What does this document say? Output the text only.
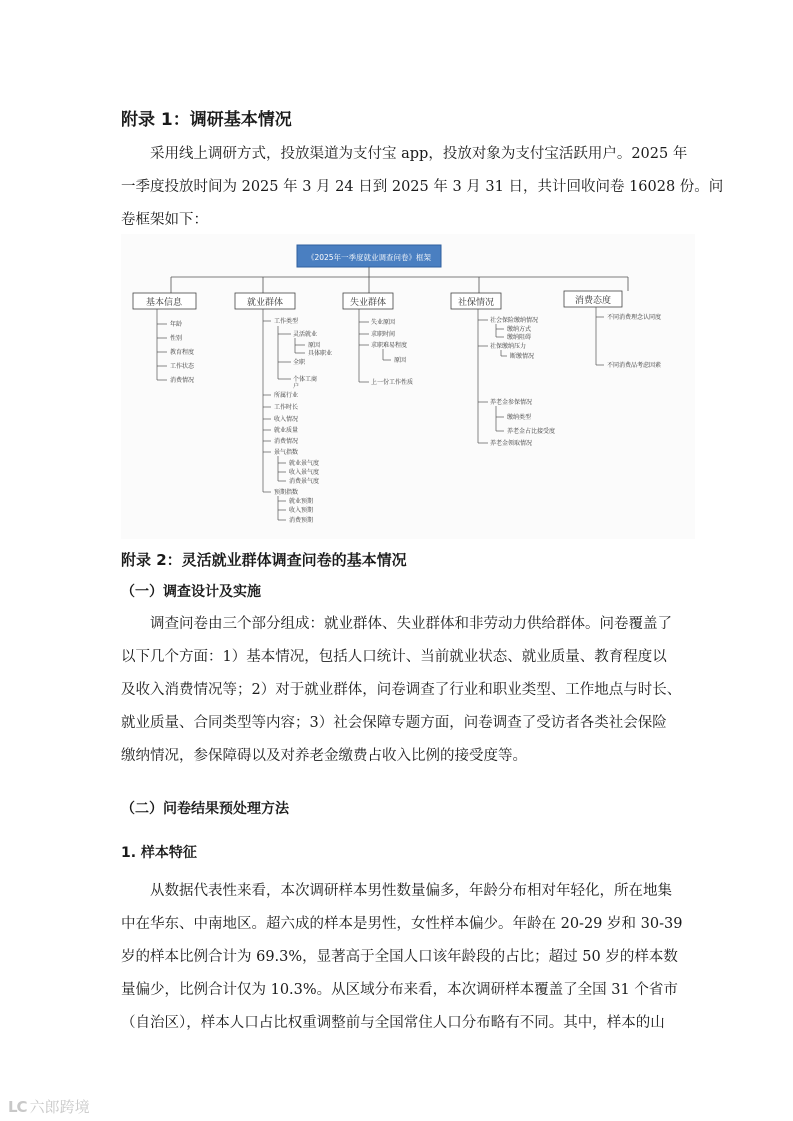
附录 1：调研基本情况
采用线上调研方式，投放渠道为支付宝 app，投放对象为支付宝活跃用户。2025 年
一季度投放时间为 2025 年 3 月 24 日到 2025 年 3 月 31 日，共计回收问卷 16028 份。问
卷框架如下：
《2025年一季度就业调查问卷》框架
基本信息	就业群体	失业群体	社保情况	消费态度
年龄
性别
教育程度
工作状态
消费情况
工作类型
灵活就业
原因
具体职业
全职
个体工商
户
所属行业
工作时长
收入情况
就业质量
消费情况
景气指数
就业景气度
收入景气度
消费景气度
预期指数
就业预期
收入预期
消费预期
失业原因
求职时间
求职难易程度
原因
上一份工作性质
社会保险缴纳情况
缴纳方式
缴纳阻碍
社保缴纳压力
断缴情况
养老金参保情况
缴纳类型
养老金占比接受度
养老金领取情况
不同消费理念认同度
不同消费品考虑因素
附录 2：灵活就业群体调查问卷的基本情况
（一）调查设计及实施
调查问卷由三个部分组成：就业群体、失业群体和非劳动力供给群体。问卷覆盖了
以下几个方面：1）基本情况，包括人口统计、当前就业状态、就业质量、教育程度以
及收入消费情况等；2）对于就业群体，问卷调查了行业和职业类型、工作地点与时长、
就业质量、合同类型等内容；3）社会保障专题方面，问卷调查了受访者各类社会保险
缴纳情况，参保障碍以及对养老金缴费占收入比例的接受度等。
（二）问卷结果预处理方法
1. 样本特征
从数据代表性来看，本次调研样本男性数量偏多，年龄分布相对年轻化，所在地集
中在华东、中南地区。超六成的样本是男性，女性样本偏少。年龄在 20-29 岁和 30-39
岁的样本比例合计为 69.3%，显著高于全国人口该年龄段的占比；超过 50 岁的样本数
量偏少，比例合计仅为 10.3%。从区域分布来看，本次调研样本覆盖了全国 31 个省市
（自治区），样本人口占比权重调整前与全国常住人口分布略有不同。其中，样本的山
LC 六郎跨境
